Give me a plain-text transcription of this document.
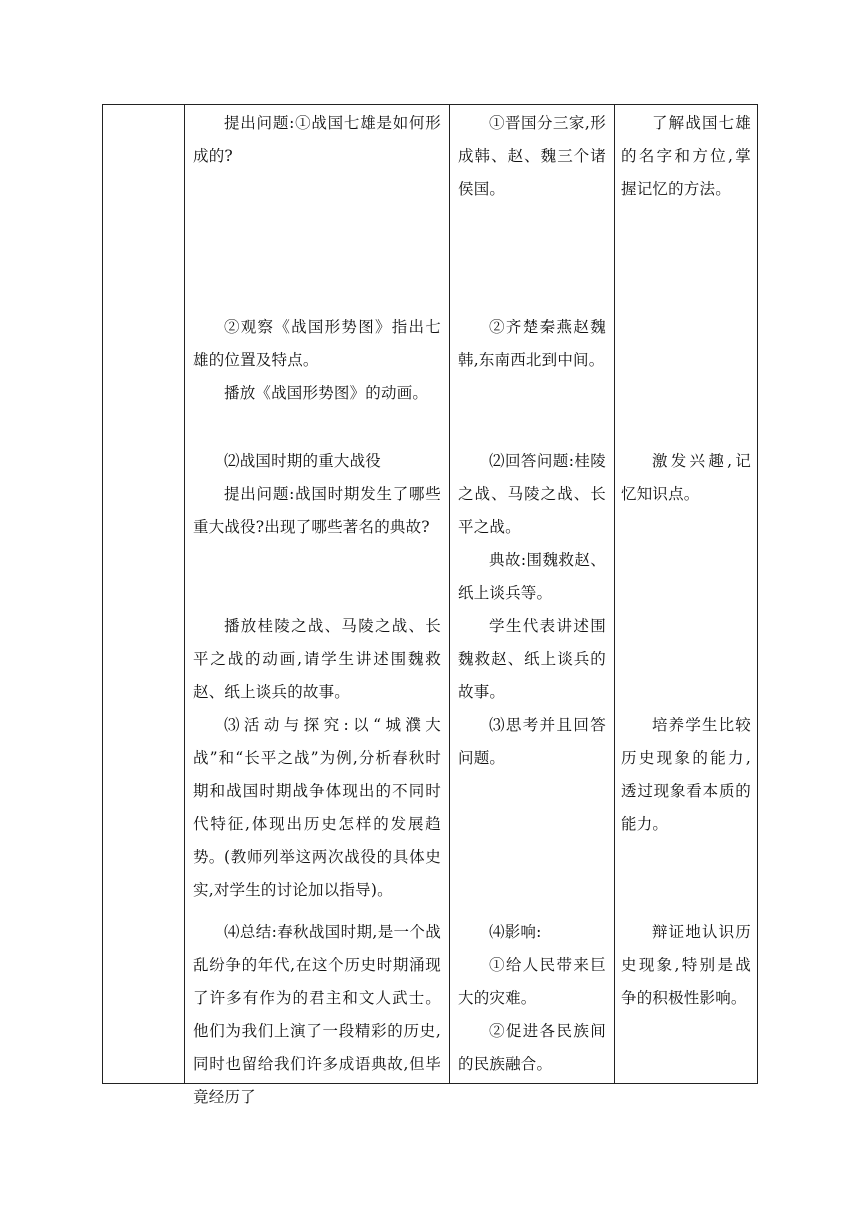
提出问题:①战国七雄是如何形成的?
②观察《战国形势图》指出七雄的位置及特点。
播放《战国形势图》的动画。
⑵战国时期的重大战役
提出问题:战国时期发生了哪些重大战役?出现了哪些著名的典故?
播放桂陵之战、马陵之战、长平之战的动画,请学生讲述围魏救赵、纸上谈兵的故事。
⑶活动与探究:以“城濮大战”和“长平之战”为例,分析春秋时期和战国时期战争体现出的不同时代特征,体现出历史怎样的发展趋势。 (教师列举这两次战役的具体史实,对学生的讨论加以指导)。
⑷总结:春秋战国时期,是一个战乱纷争的年代,在这个历史时期涌现了许多有作为的君主和文人武士。他们为我们上演了一段精彩的历史,同时也留给我们许多成语典故,但毕竟经历了
①晋国分三家,形成韩、赵、魏三个诸侯国。
②齐楚秦燕赵魏韩,东南西北到中间。
⑵回答问题:桂陵之战、马陵之战、长平之战。
典故:围魏救赵、纸上谈兵等。
学生代表讲述围魏救赵、纸上谈兵的故事。
⑶思考并且回答问题。
⑷影响:
①给人民带来巨大的灾难。
②促进各民族间的民族融合。
了解战国七雄的名字和方位,掌握记忆的方法。
激发兴趣,记忆知识点。
培养学生比较历史现象的能力,透过现象看本质的能力。
辩证地认识历史现象,特别是战争的积极性影响。
